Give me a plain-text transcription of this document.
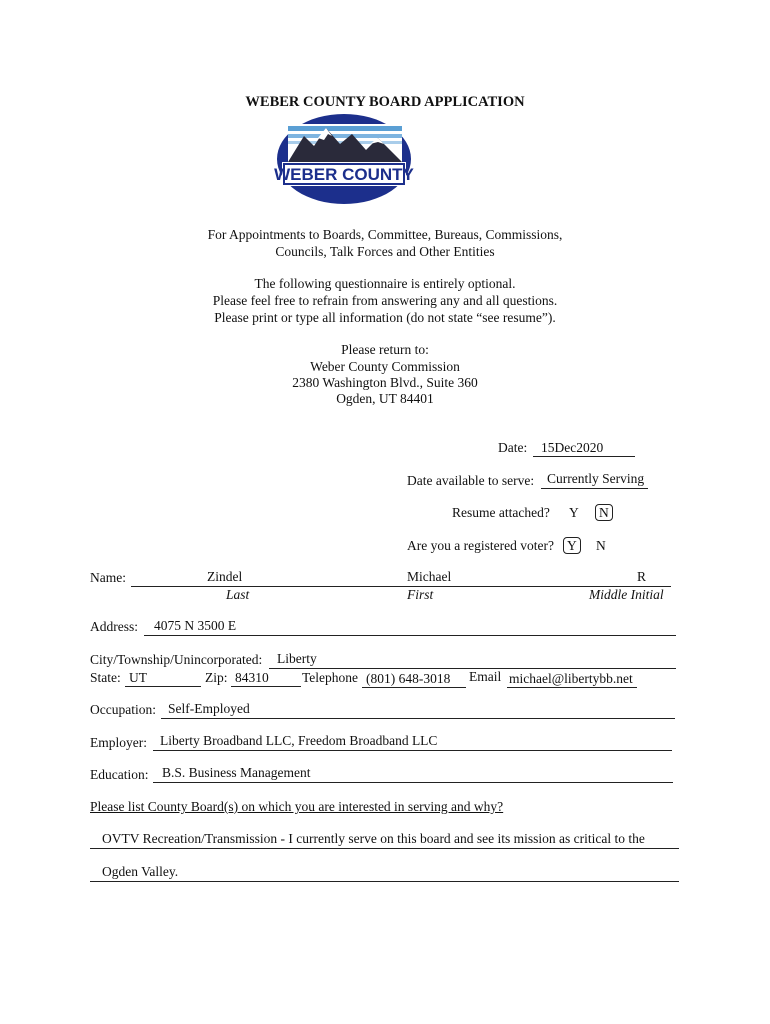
WEBER COUNTY BOARD APPLICATION
WEBER COUNTY
For Appointments to Boards, Committee, Bureaus, Commissions,
Councils, Talk Forces and Other Entities
The following questionnaire is entirely optional.
Please feel free to refrain from answering any and all questions.
Please print or type all information (do not state “see resume”).
Please return to:
Weber County Commission
2380 Washington Blvd., Suite 360
Ogden, UT 84401
Date:	15Dec2020
Date available to serve: Currently Serving
Resume attached? Y N
Are you a registered voter? Y N
Name:	Zindel	Michael	R
Last	First	Middle Initial
Address:	4075 N 3500 E
City/Township/Unincorporated:	Liberty
State: UT	Zip: 84310	Telephone (801) 648-3018	Email michael@libertybb.net
Occupation: Self-Employed
Employer: Liberty Broadband LLC, Freedom Broadband LLC
Education:	B.S. Business Management
Please list County Board(s) on which you are interested in serving and why?
OVTV Recreation/Transmission - I currently serve on this board and see its mission as critical to the
Ogden Valley.
